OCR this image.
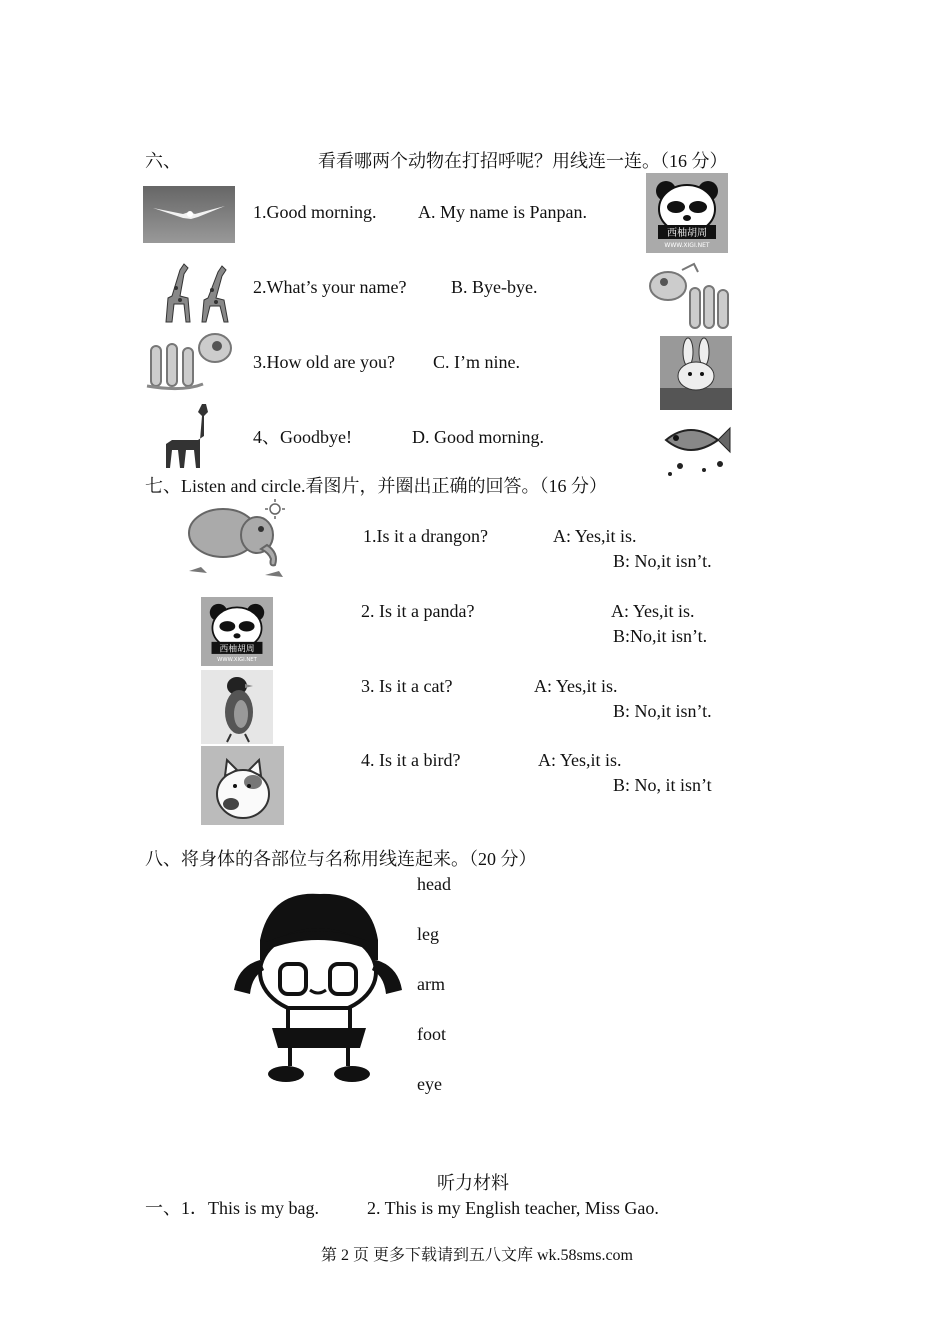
六、	看看哪两个动物在打招呼呢？用线连一连。（16 分）
1.Good morning. A. My name is Panpan.
2.What’s your name? B. Bye-bye.
3.How old are you? C. I’m nine.
4、Goodbye!	D. Good morning.
西柚胡周
WWW.XIGI.NET
七、Listen and circle.看图片，并圈出正确的回答。（16 分）
西柚胡周
WWW.XIGI.NET
1.Is it a drangon?	A: Yes,it is.
B: No,it isn’t.
2. Is it a panda?	A: Yes,it is.
B:No,it isn’t.
3. Is it a cat?	A: Yes,it is.
B: No,it isn’t.
4. Is it a bird?	A: Yes,it is.
B: No, it isn’t
八、将身体的各部位与名称用线连起来。（20 分）
head
leg
arm
foot
eye
听力材料
一、1．This is my bag.	2. This is my English teacher, Miss Gao.
第 2 页 更多下载请到五八文库 wk.58sms.com
